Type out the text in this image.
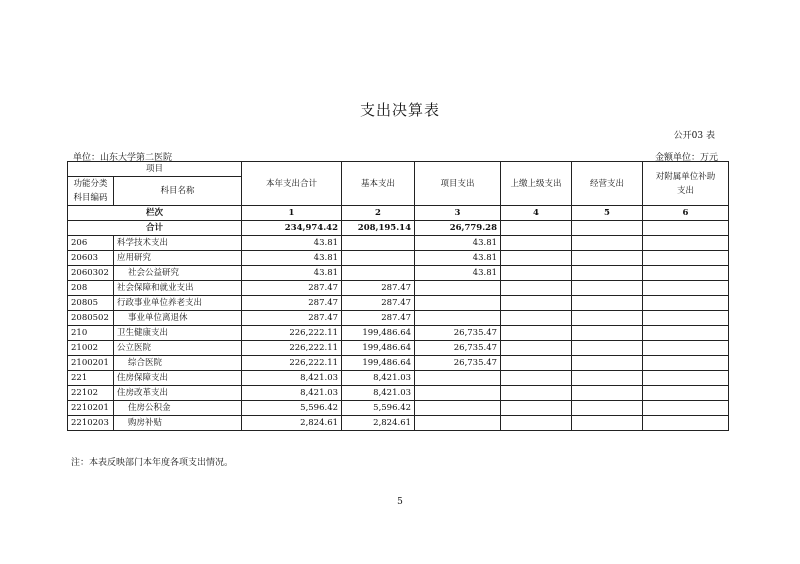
支出决算表
公开03 表
单位：山东大学第二医院	金额单位：万元
项目		本年支出合计	基本支出	项目支出	上缴上级支出	经营支出	对附属单位补助
支出
功能分类
科目编码	科目名称						
栏次		1	2	3	4	5	6
合计		234,974.42	208,195.14	26,779.28			
206	科学技术支出	43.81		43.81			
20603	应用研究	43.81		43.81			
2060302	社会公益研究	43.81		43.81			
208	社会保障和就业支出	287.47	287.47				
20805	行政事业单位养老支出	287.47	287.47				
2080502	事业单位离退休	287.47	287.47				
210	卫生健康支出	226,222.11	199,486.64	26,735.47			
21002	公立医院	226,222.11	199,486.64	26,735.47			
2100201	综合医院	226,222.11	199,486.64	26,735.47			
221	住房保障支出	8,421.03	8,421.03				
22102	住房改革支出	8,421.03	8,421.03				
2210201	住房公积金	5,596.42	5,596.42				
2210203	购房补贴	2,824.61	2,824.61				
注：本表反映部门本年度各项支出情况。
5
